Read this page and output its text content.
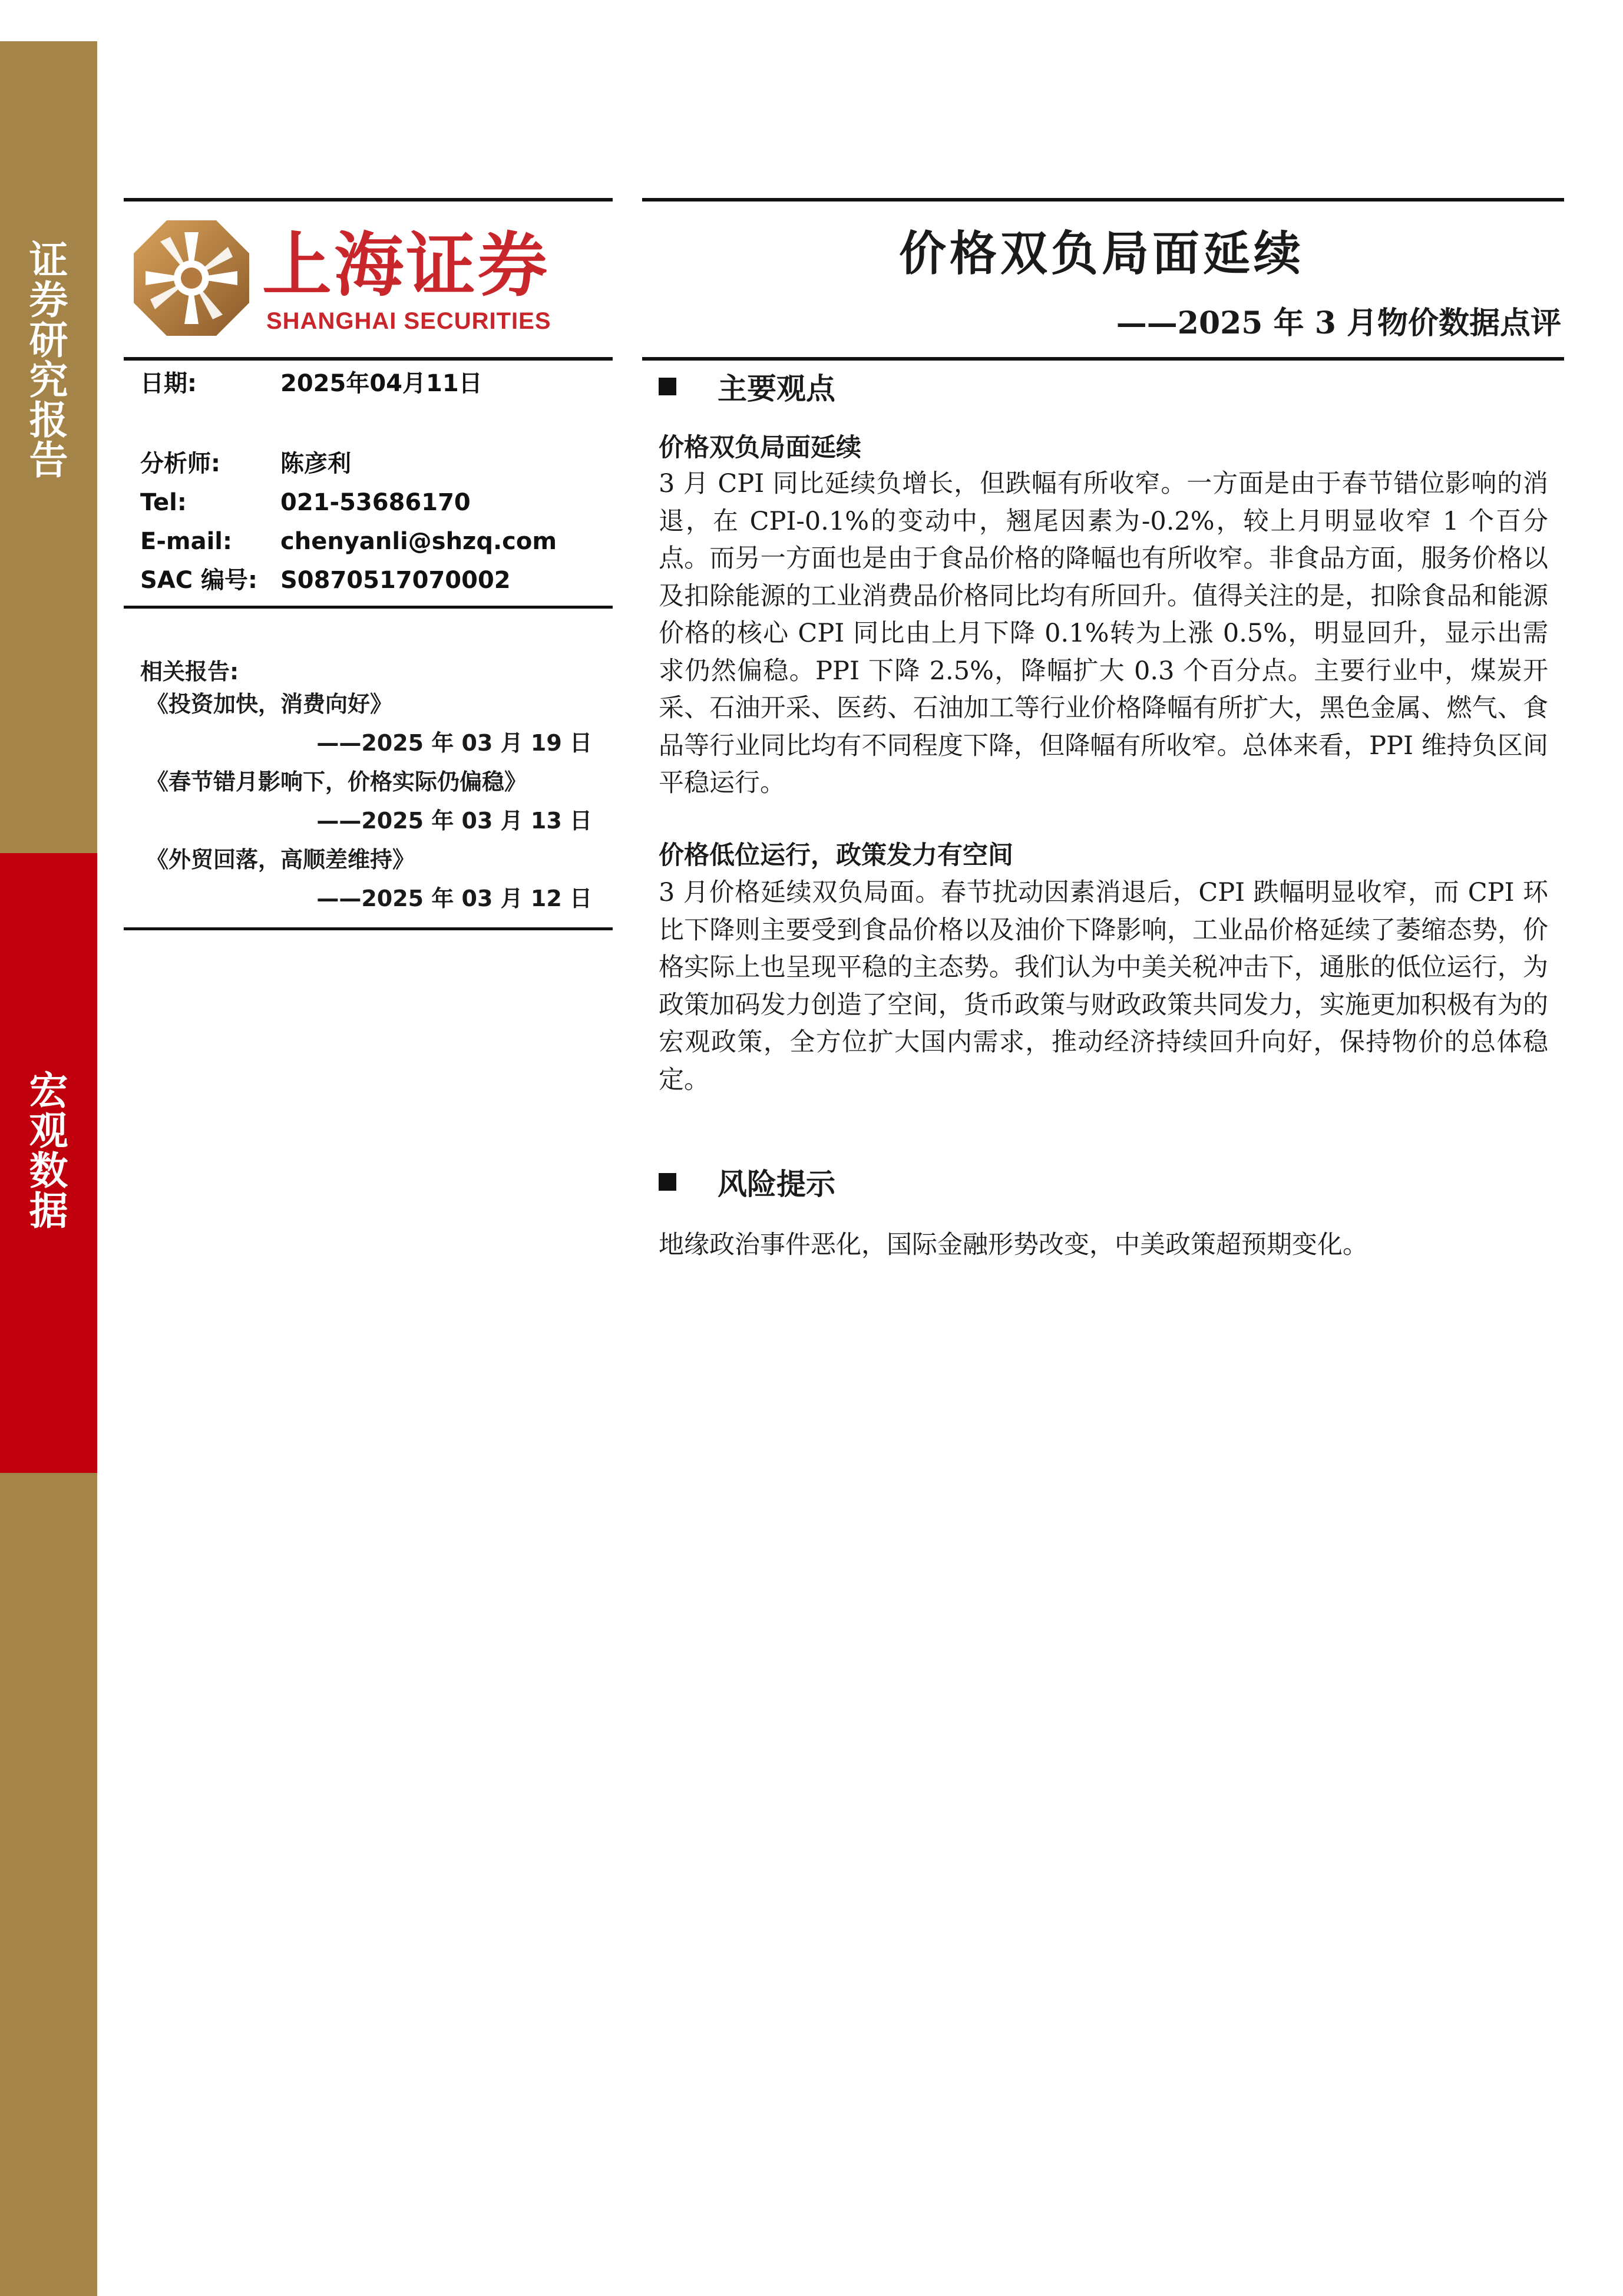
证
券
研
究
报
告
宏
观
数
据
上海证券
SHANGHAI SECURITIES
日期:	2025年04月11日
分析师:	陈彦利
Tel:	021-53686170
E-mail: chenyanli@shzq.com
SAC 编号: S0870517070002
相关报告:
《投资加快，消费向好》
——2025 年 03 月 19 日
《春节错月影响下，价格实际仍偏稳》
——2025 年 03 月 13 日
《外贸回落，高顺差维持》
——2025 年 03 月 12 日
价格双负局面延续
——2025 年 3 月物价数据点评
主要观点
价格双负局面延续
3 月 CPI 同比延续负增长，但跌幅有所收窄。一方面是由于春节错位影响的消退，在 CPI-0.1%的变动中，翘尾因素为-0.2%，较上月明显收窄 1 个百分点。而另一方面也是由于食品价格的降幅也有所收窄。非食品方面，服务价格以及扣除能源的工业消费品价格同比均有所回升。值得关注的是，扣除食品和能源价格的核心 CPI 同比由上月下降 0.1%转为上涨 0.5%，明显回升，显示出需求仍然偏稳。PPI 下降 2.5%，降幅扩大 0.3 个百分点。主要行业中，煤炭开采、石油开采、医药、石油加工等行业价格降幅有所扩大，黑色金属、燃气、食品等行业同比均有不同程度下降，但降幅有所收窄。总体来看，PPI 维持负区间平稳运行。
价格低位运行，政策发力有空间
3 月价格延续双负局面。春节扰动因素消退后，CPI 跌幅明显收窄，而 CPI 环比下降则主要受到食品价格以及油价下降影响，工业品价格延续了萎缩态势，价格实际上也呈现平稳的主态势。我们认为中美关税冲击下，通胀的低位运行，为政策加码发力创造了空间，货币政策与财政政策共同发力，实施更加积极有为的宏观政策，全方位扩大国内需求，推动经济持续回升向好，保持物价的总体稳定。
风险提示
地缘政治事件恶化，国际金融形势改变，中美政策超预期变化。
